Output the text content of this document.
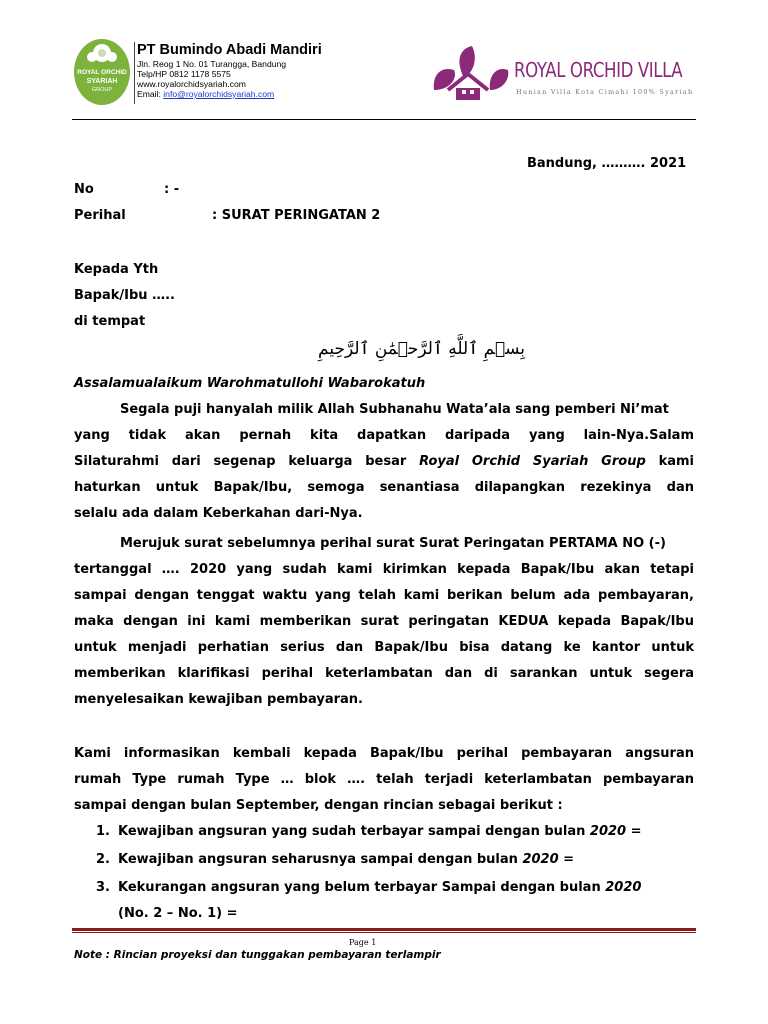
ROYAL ORCHID
SYARIAH
GROUP
PT Bumindo Abadi Mandiri
Jln. Reog 1 No. 01 Turangga, Bandung
Telp/HP 0812 1178 5575
www.royalorchidsyariah.com
Email: info@royalorchidsyariah.com
ROYAL ORCHID VILLA
Hunian Villa Kota Cimahi 100% Syariah
Bandung, ………. 2021
No	: -
Perihal	: SURAT PERINGATAN 2
Kepada Yth
Bapak/Ibu …..
di tempat
بِسۡمِ ٱللَّهِ ٱلرَّحۡمَٰنِ ٱلرَّحِيمِ
Assalamualaikum Warohmatullohi Wabarokatuh
Segala puji hanyalah milik Allah Subhanahu Wata’ala sang pemberi Ni’mat
yang tidak akan pernah kita dapatkan daripada yang lain-Nya.Salam
Silaturahmi dari segenap keluarga besar Royal Orchid Syariah Group kami
haturkan untuk Bapak/Ibu, semoga senantiasa dilapangkan rezekinya dan
selalu ada dalam Keberkahan dari-Nya.
Merujuk surat sebelumnya perihal surat Surat Peringatan PERTAMA NO (-)
tertanggal …. 2020 yang sudah kami kirimkan kepada Bapak/Ibu akan tetapi
sampai dengan tenggat waktu yang telah kami berikan belum ada pembayaran,
maka dengan ini kami memberikan surat peringatan KEDUA kepada Bapak/Ibu
untuk menjadi perhatian serius dan Bapak/Ibu bisa datang ke kantor untuk
memberikan klarifikasi perihal keterlambatan dan di sarankan untuk segera
menyelesaikan kewajiban pembayaran.
Kami informasikan kembali kepada Bapak/Ibu perihal pembayaran angsuran
rumah Type rumah Type … blok …. telah terjadi keterlambatan pembayaran
sampai dengan bulan September, dengan rincian sebagai berikut :
1. Kewajiban angsuran yang sudah terbayar sampai dengan bulan 2020 =
2. Kewajiban angsuran seharusnya sampai dengan bulan 2020 =
3. Kekurangan angsuran yang belum terbayar Sampai dengan bulan 2020
(No. 2 – No. 1) =
Page 1
Note : Rincian proyeksi dan tunggakan pembayaran terlampir
